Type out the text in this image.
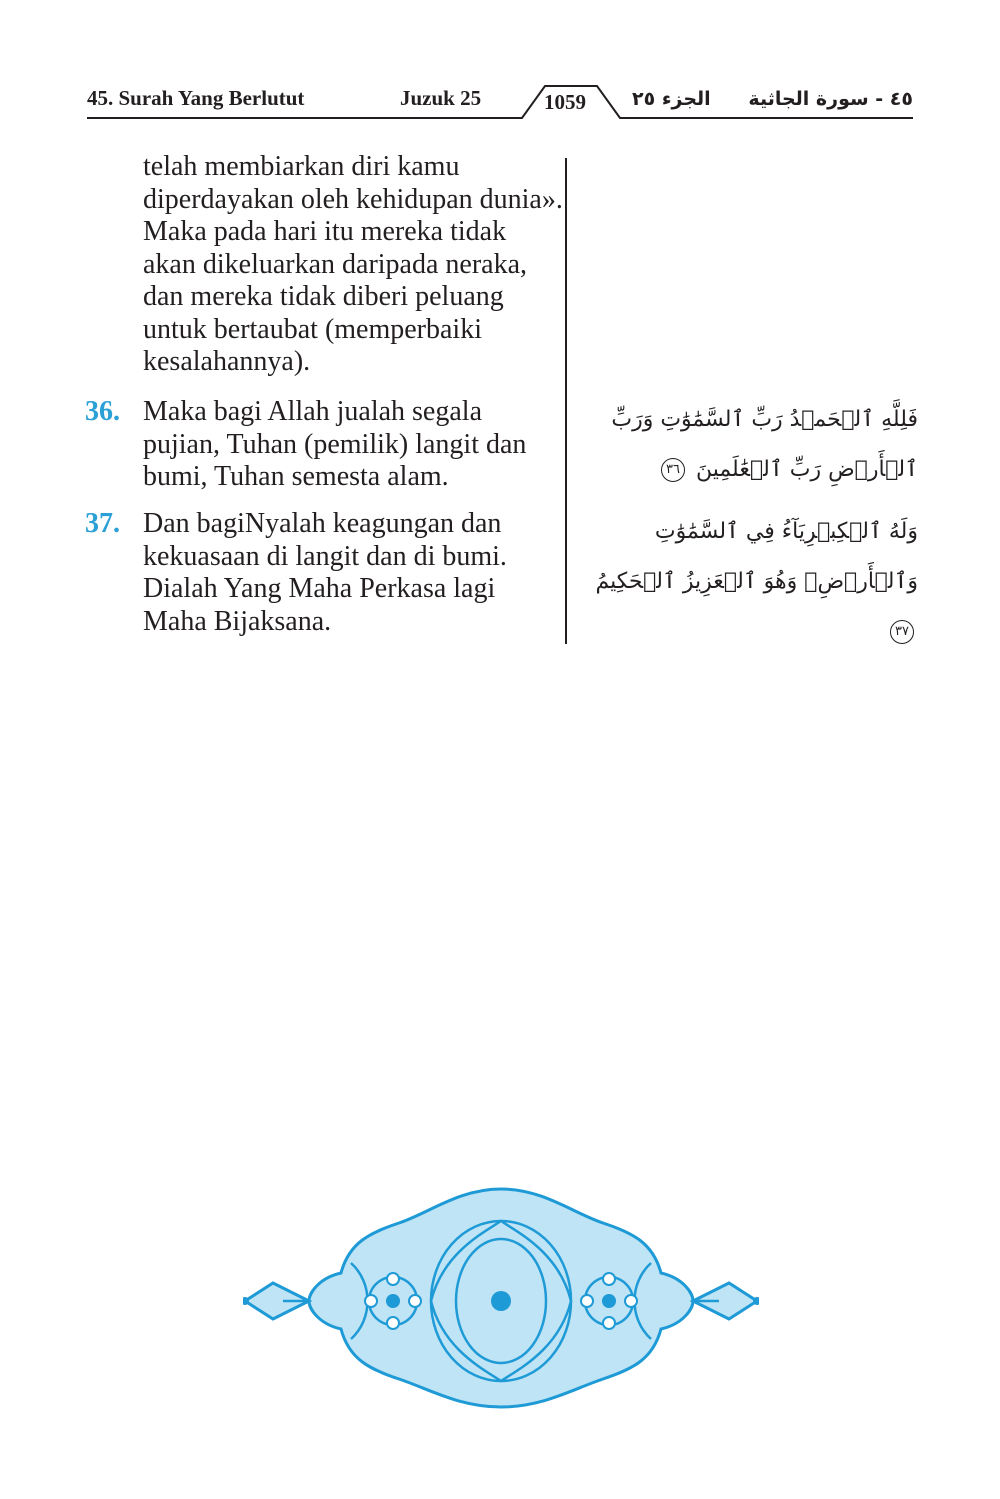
45. Surah Yang Berlutut	Juzuk 25	1059	الجزء ٢٥ ٤٥ - سورة الجاثية
telah membiarkan diri kamu diperdayakan oleh kehidupan dunia». Maka pada hari itu mereka tidak akan dikeluarkan daripada neraka, dan mereka tidak diberi peluang untuk bertaubat (memperbaiki kesalahannya).
36. Maka bagi Allah jualah segala pujian, Tuhan (pemilik) langit dan bumi, Tuhan semesta alam.
37. Dan bagiNyalah keagungan dan kekuasaan di langit dan di bumi. Dialah Yang Maha Perkasa lagi Maha Bijaksana.
فَلِلَّهِ ٱلۡحَمۡدُ رَبِّ ٱلسَّمَٰوَٰتِ وَرَبِّ ٱلۡأَرۡضِ رَبِّ ٱلۡعَٰلَمِينَ ٣٦
وَلَهُ ٱلۡكِبۡرِيَآءُ فِي ٱلسَّمَٰوَٰتِ وَٱلۡأَرۡضِۖ وَهُوَ ٱلۡعَزِيزُ ٱلۡحَكِيمُ ٣٧
